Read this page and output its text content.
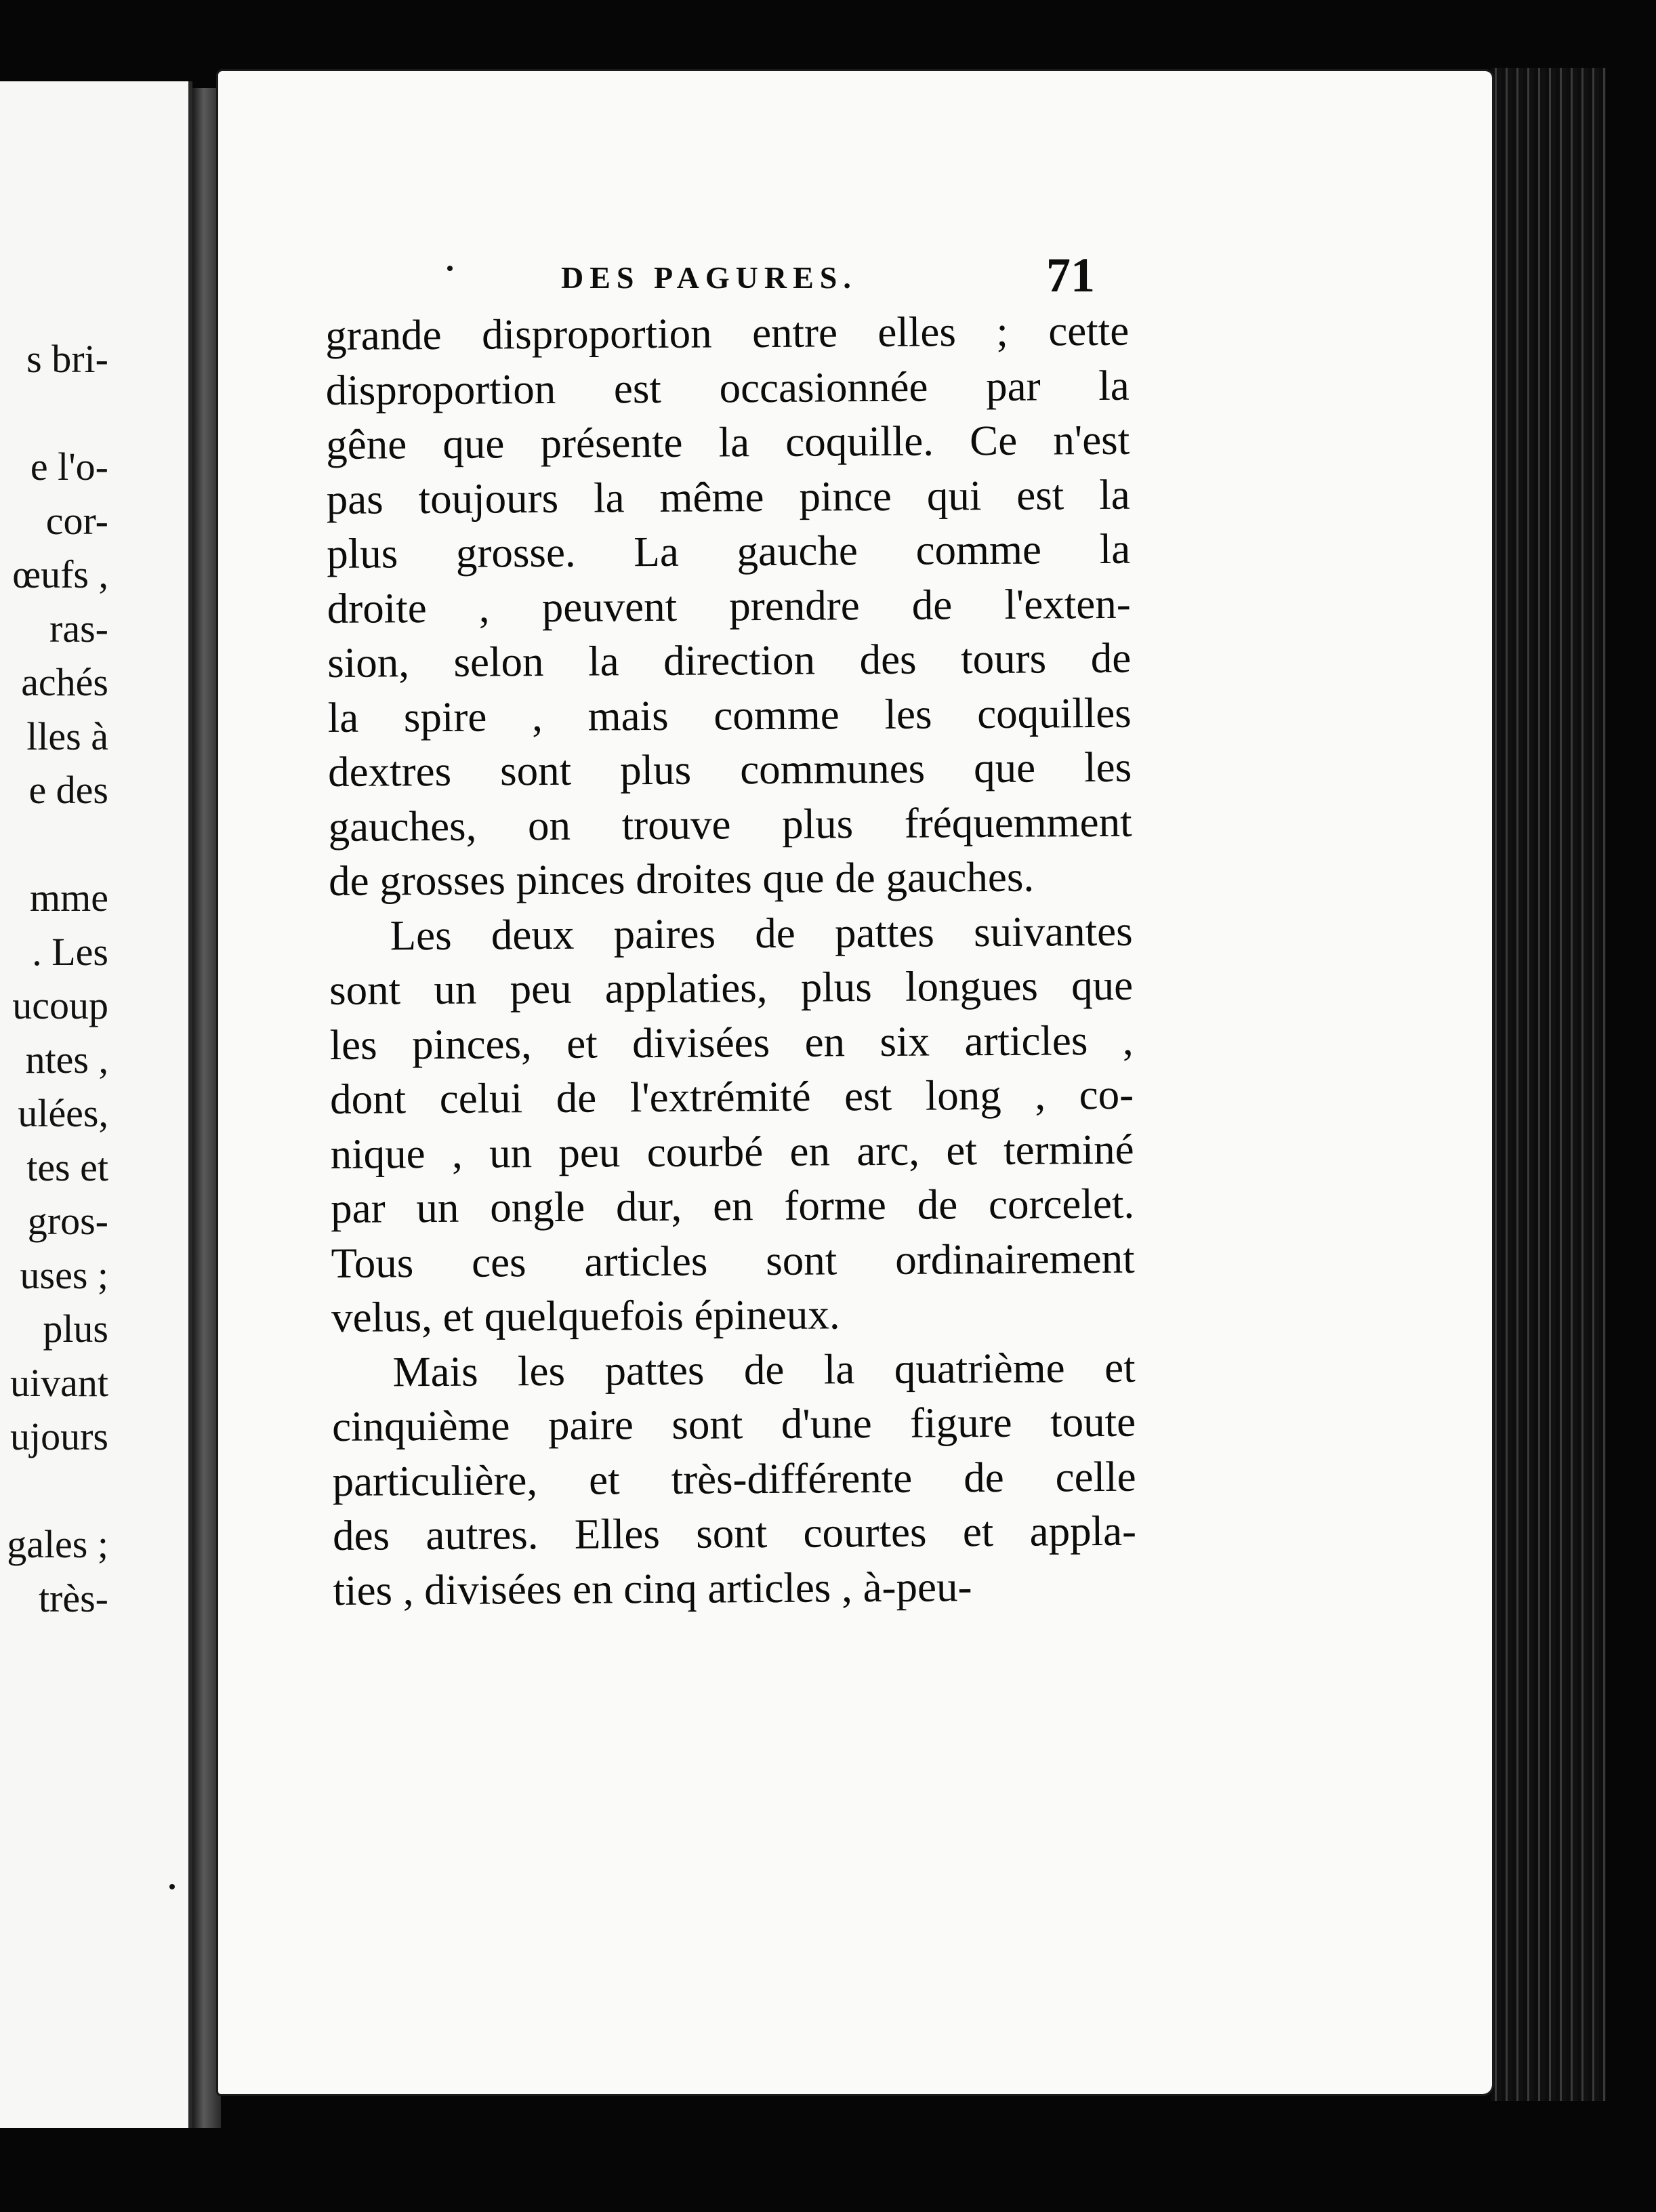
s bri-
e l'o-
cor-
œufs ,
ras-
achés
lles à
e des
mme
. Les
ucoup
ntes ,
ulées,
tes et
gros-
uses ;
plus
uivant
ujours
gales ;
très-
DES PAGURES.	71
grande disproportion entre elles ; cette
disproportion est occasionnée par la
gêne que présente la coquille. Ce n'est
pas toujours la même pince qui est la
plus grosse. La gauche comme la
droite , peuvent prendre de l'exten-
sion, selon la direction des tours de
la spire , mais comme les coquilles
dextres sont plus communes que les
gauches, on trouve plus fréquemment
de grosses pinces droites que de gauches.
Les deux paires de pattes suivantes
sont un peu applaties, plus longues que
les pinces, et divisées en six articles ,
dont celui de l'extrémité est long , co-
nique , un peu courbé en arc, et terminé
par un ongle dur, en forme de corcelet.
Tous ces articles sont ordinairement
velus, et quelquefois épineux.
Mais les pattes de la quatrième et
cinquième paire sont d'une figure toute
particulière, et très-différente de celle
des autres. Elles sont courtes et appla-
ties , divisées en cinq articles , à-peu-
